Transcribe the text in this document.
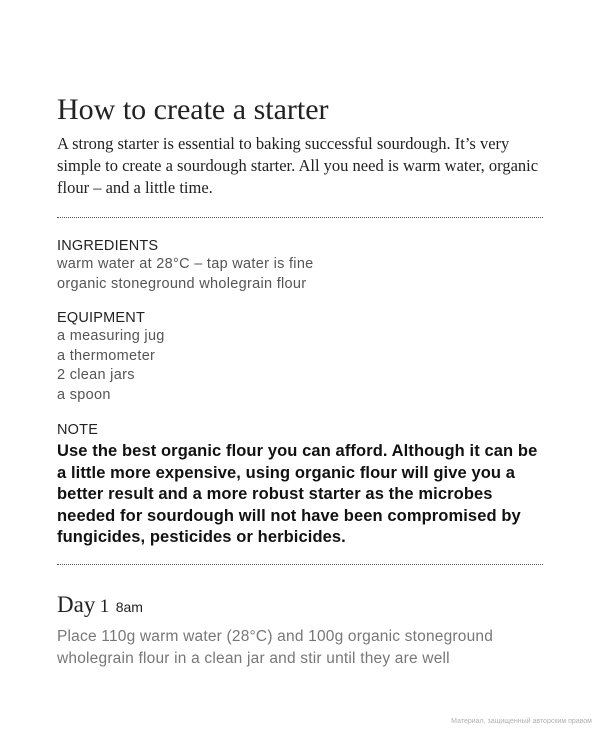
How to create a starter

A strong starter is essential to baking successful sourdough. It’s very simple to create a sourdough starter. All you need is warm water, organic flour – and a little time.

INGREDIENTS
warm water at 28°C – tap water is fine
organic stoneground wholegrain flour
EQUIPMENT
a measuring jug
a thermometer
2 clean jars
a spoon
NOTE
Use the best organic flour you can afford. Although it can be a little more expensive, using organic flour will give you a better result and a more robust starter as the microbes needed for sourdough will not have been compromised by fungicides, pesticides or herbicides.
Day 1 8am

Place 110g warm water (28°C) and 100g organic stoneground wholegrain flour in a clean jar and stir until they are well

Материал, защищенный авторским правом
